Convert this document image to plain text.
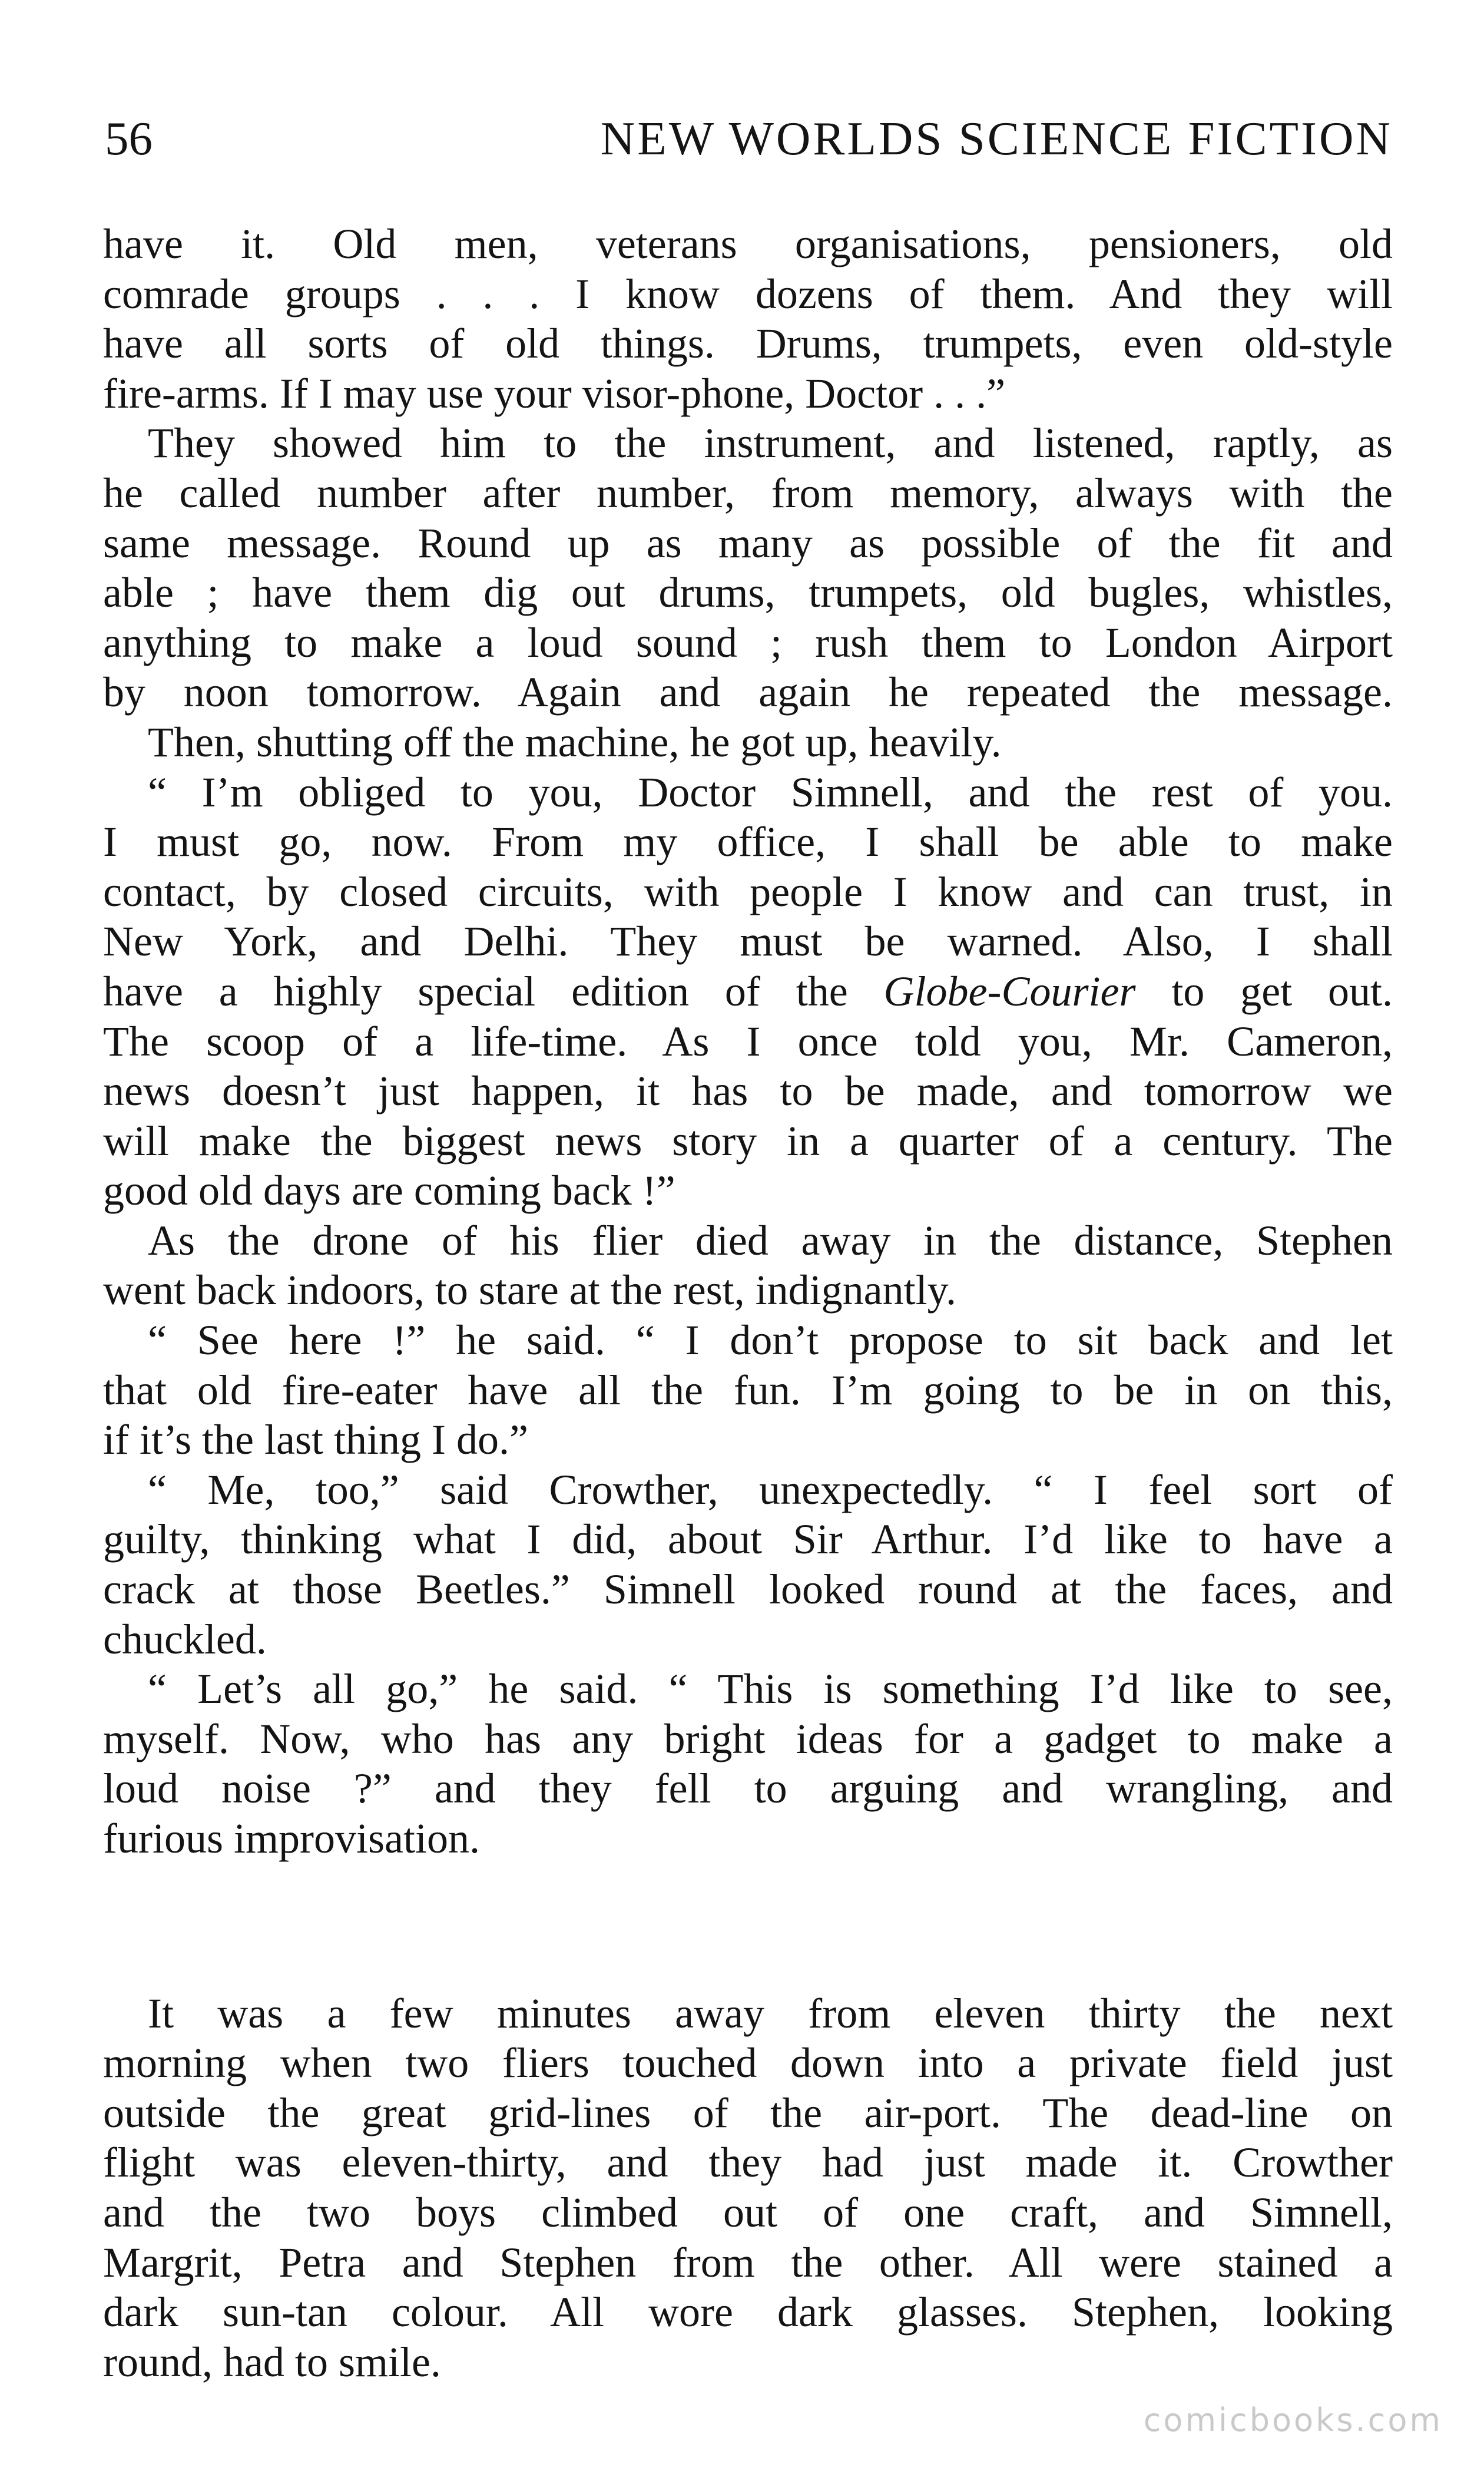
56	NEW WORLDS SCIENCE FICTION
have it. Old men, veterans organisations, pensioners, old
comrade groups . . . I know dozens of them. And they will
have all sorts of old things. Drums, trumpets, even old-style
fire-arms. If I may use your visor-phone, Doctor . . .”
They showed him to the instrument, and listened, raptly, as
he called number after number, from memory, always with the
same message. Round up as many as possible of the fit and
able ; have them dig out drums, trumpets, old bugles, whistles,
anything to make a loud sound ; rush them to London Airport
by noon tomorrow. Again and again he repeated the message.
Then, shutting off the machine, he got up, heavily.
“ I’m obliged to you, Doctor Simnell, and the rest of you.
I must go, now. From my office, I shall be able to make
contact, by closed circuits, with people I know and can trust, in
New York, and Delhi. They must be warned. Also, I shall
have a highly special edition of the Globe-Courier to get out.
The scoop of a life-time. As I once told you, Mr. Cameron,
news doesn’t just happen, it has to be made, and tomorrow we
will make the biggest news story in a quarter of a century. The
good old days are coming back !”
As the drone of his flier died away in the distance, Stephen
went back indoors, to stare at the rest, indignantly.
“ See here !” he said. “ I don’t propose to sit back and let
that old fire-eater have all the fun. I’m going to be in on this,
if it’s the last thing I do.”
“ Me, too,” said Crowther, unexpectedly. “ I feel sort of
guilty, thinking what I did, about Sir Arthur. I’d like to have a
crack at those Beetles.” Simnell looked round at the faces, and
chuckled.
“ Let’s all go,” he said. “ This is something I’d like to see,
myself. Now, who has any bright ideas for a gadget to make a
loud noise ?” and they fell to arguing and wrangling, and
furious improvisation.
It was a few minutes away from eleven thirty the next
morning when two fliers touched down into a private field just
outside the great grid-lines of the air-port. The dead-line on
flight was eleven-thirty, and they had just made it. Crowther
and the two boys climbed out of one craft, and Simnell,
Margrit, Petra and Stephen from the other. All were stained a
dark sun-tan colour. All wore dark glasses. Stephen, looking
round, had to smile.
comicbooks.com
